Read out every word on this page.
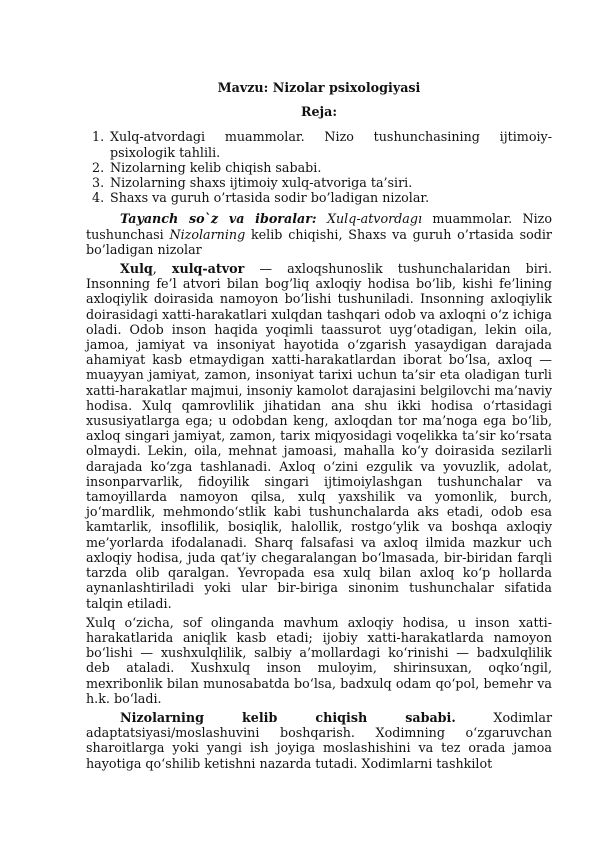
Mavzu: Nizolar psixologiyasi
Reja:
1. Xulq-atvordagi muammolar. Nizo tushunchasining ijtimoiy-psixologik tahlili.
2. Nizolarning kelib chiqish sababi.
3. Nizolarning shaxs ijtimoiy xulq-atvoriga ta’siri.
4. Shaxs va guruh o’rtasida sodir bo’ladigan nizolar.

Tayanch so`z va iboralar: Xulq-atvordagı muammolar. Nizo tushunchasi Nizolarning kelib chiqishi, Shaxs va guruh o’rtasida sodir bo’ladigan nizolar

Xulq, xulq-atvor — axloqshunoslik tushunchalaridan biri. Insonning fe’l atvori bilan bog’liq axloqiy hodisa bo’lib, kishi fe’lining axloqiylik doirasida namoyon bo’lishi tushuniladi. Insonning axloqiylik doirasidagi xatti-harakatlari xulqdan tashqari odob va axloqni o‘z ichiga oladi. Odob inson haqida yoqimli taassurot uyg‘otadigan, lekin oila, jamoa, jamiyat va insoniyat hayotida o‘zgarish yasaydigan darajada ahamiyat kasb etmaydigan xatti-harakatlardan iborat bo‘lsa, axloq — muayyan jamiyat, zamon, insoniyat tarixi uchun ta’sir eta oladigan turli xatti-harakatlar majmui, insoniy kamolot darajasini belgilovchi ma’naviy hodisa. Xulq qamrovlilik jihatidan ana shu ikki hodisa o‘rtasidagi xususiyatlarga ega; u odobdan keng, axloqdan tor ma’noga ega bo‘lib, axloq singari jamiyat, zamon, tarix miqyosidagi voqelikka ta’sir ko‘rsata olmaydi. Lekin, oila, mehnat jamoasi, mahalla ko‘y doirasida sezilarli darajada ko‘zga tashlanadi. Axloq o‘zini ezgulik va yovuzlik, adolat, insonparvarlik, fidoyilik singari ijtimoiylashgan tushunchalar va tamoyillarda namoyon qilsa, xulq yaxshilik va yomonlik, burch, jo‘mardlik, mehmondo‘stlik kabi tushunchalarda aks etadi, odob esa kamtarlik, insoflilik, bosiqlik, halollik, rostgo‘ylik va boshqa axloqiy me’yorlarda ifodalanadi. Sharq falsafasi va axloq ilmida mazkur uch axloqiy hodisa, juda qat’iy chegaralangan bo‘lmasada, bir-biridan farqli tarzda olib qaralgan. Yevropada esa xulq bilan axloq ko‘p hollarda aynanlashtiriladi yoki ular bir-biriga sinonim tushunchalar sifatida talqin etiladi.

Xulq o‘zicha, sof olinganda mavhum axloqiy hodisa, u inson xatti-harakatlarida aniqlik kasb etadi; ijobiy xatti-harakatlarda namoyon bo‘lishi — xushxulqlilik, salbiy a’mollardagi ko‘rinishi — badxulqlilik deb ataladi. Xushxulq inson muloyim, shirinsuxan, oqko‘ngil, mexribonlik bilan munosabatda bo‘lsa, badxulq odam qo‘pol, bemehr va h.k. bo‘ladi.

Nizolarning kelib chiqish sababi. Xodimlar adaptatsiyasi/moslashuvini boshqarish. Xodimning o‘zgaruvchan sharoitlarga yoki yangi ish joyiga moslashishini va tez orada jamoa hayotiga qo‘shilib ketishni nazarda tutadi. Xodimlarni tashkilot
